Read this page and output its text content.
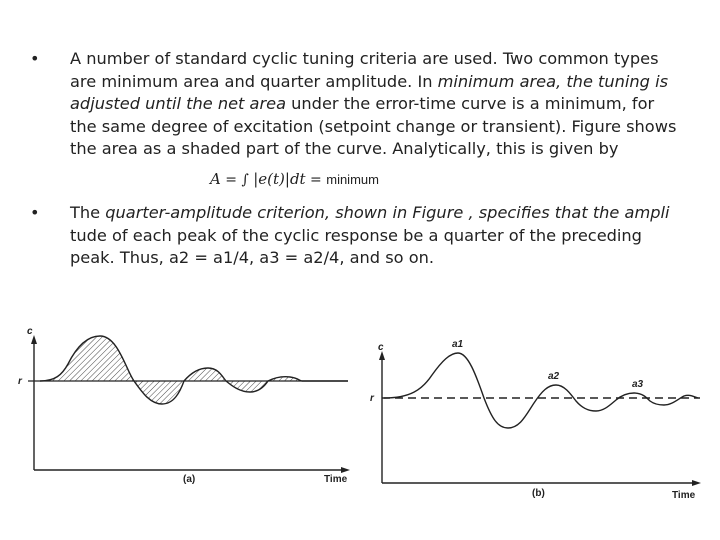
• A number of standard cyclic tuning criteria are used. Two common types are minimum area and quarter amplitude. In minimum area, the tuning is adjusted until the net area under the error-time curve is a minimum, for the same degree of excitation (setpoint change or transient). Figure shows the area as a shaded part of the curve. Analytically, this is given by
A = ∫ |e(t)|dt = minimum
• The quarter-amplitude criterion, shown in Figure , specifies that the ampli tude of each peak of the cyclic response be a quarter of the preceding peak. Thus, a2 = a1/4, a3 = a2/4, and so on.
c
r
Time
(a)
c
r
a1
a2
a3
Time
(b)
